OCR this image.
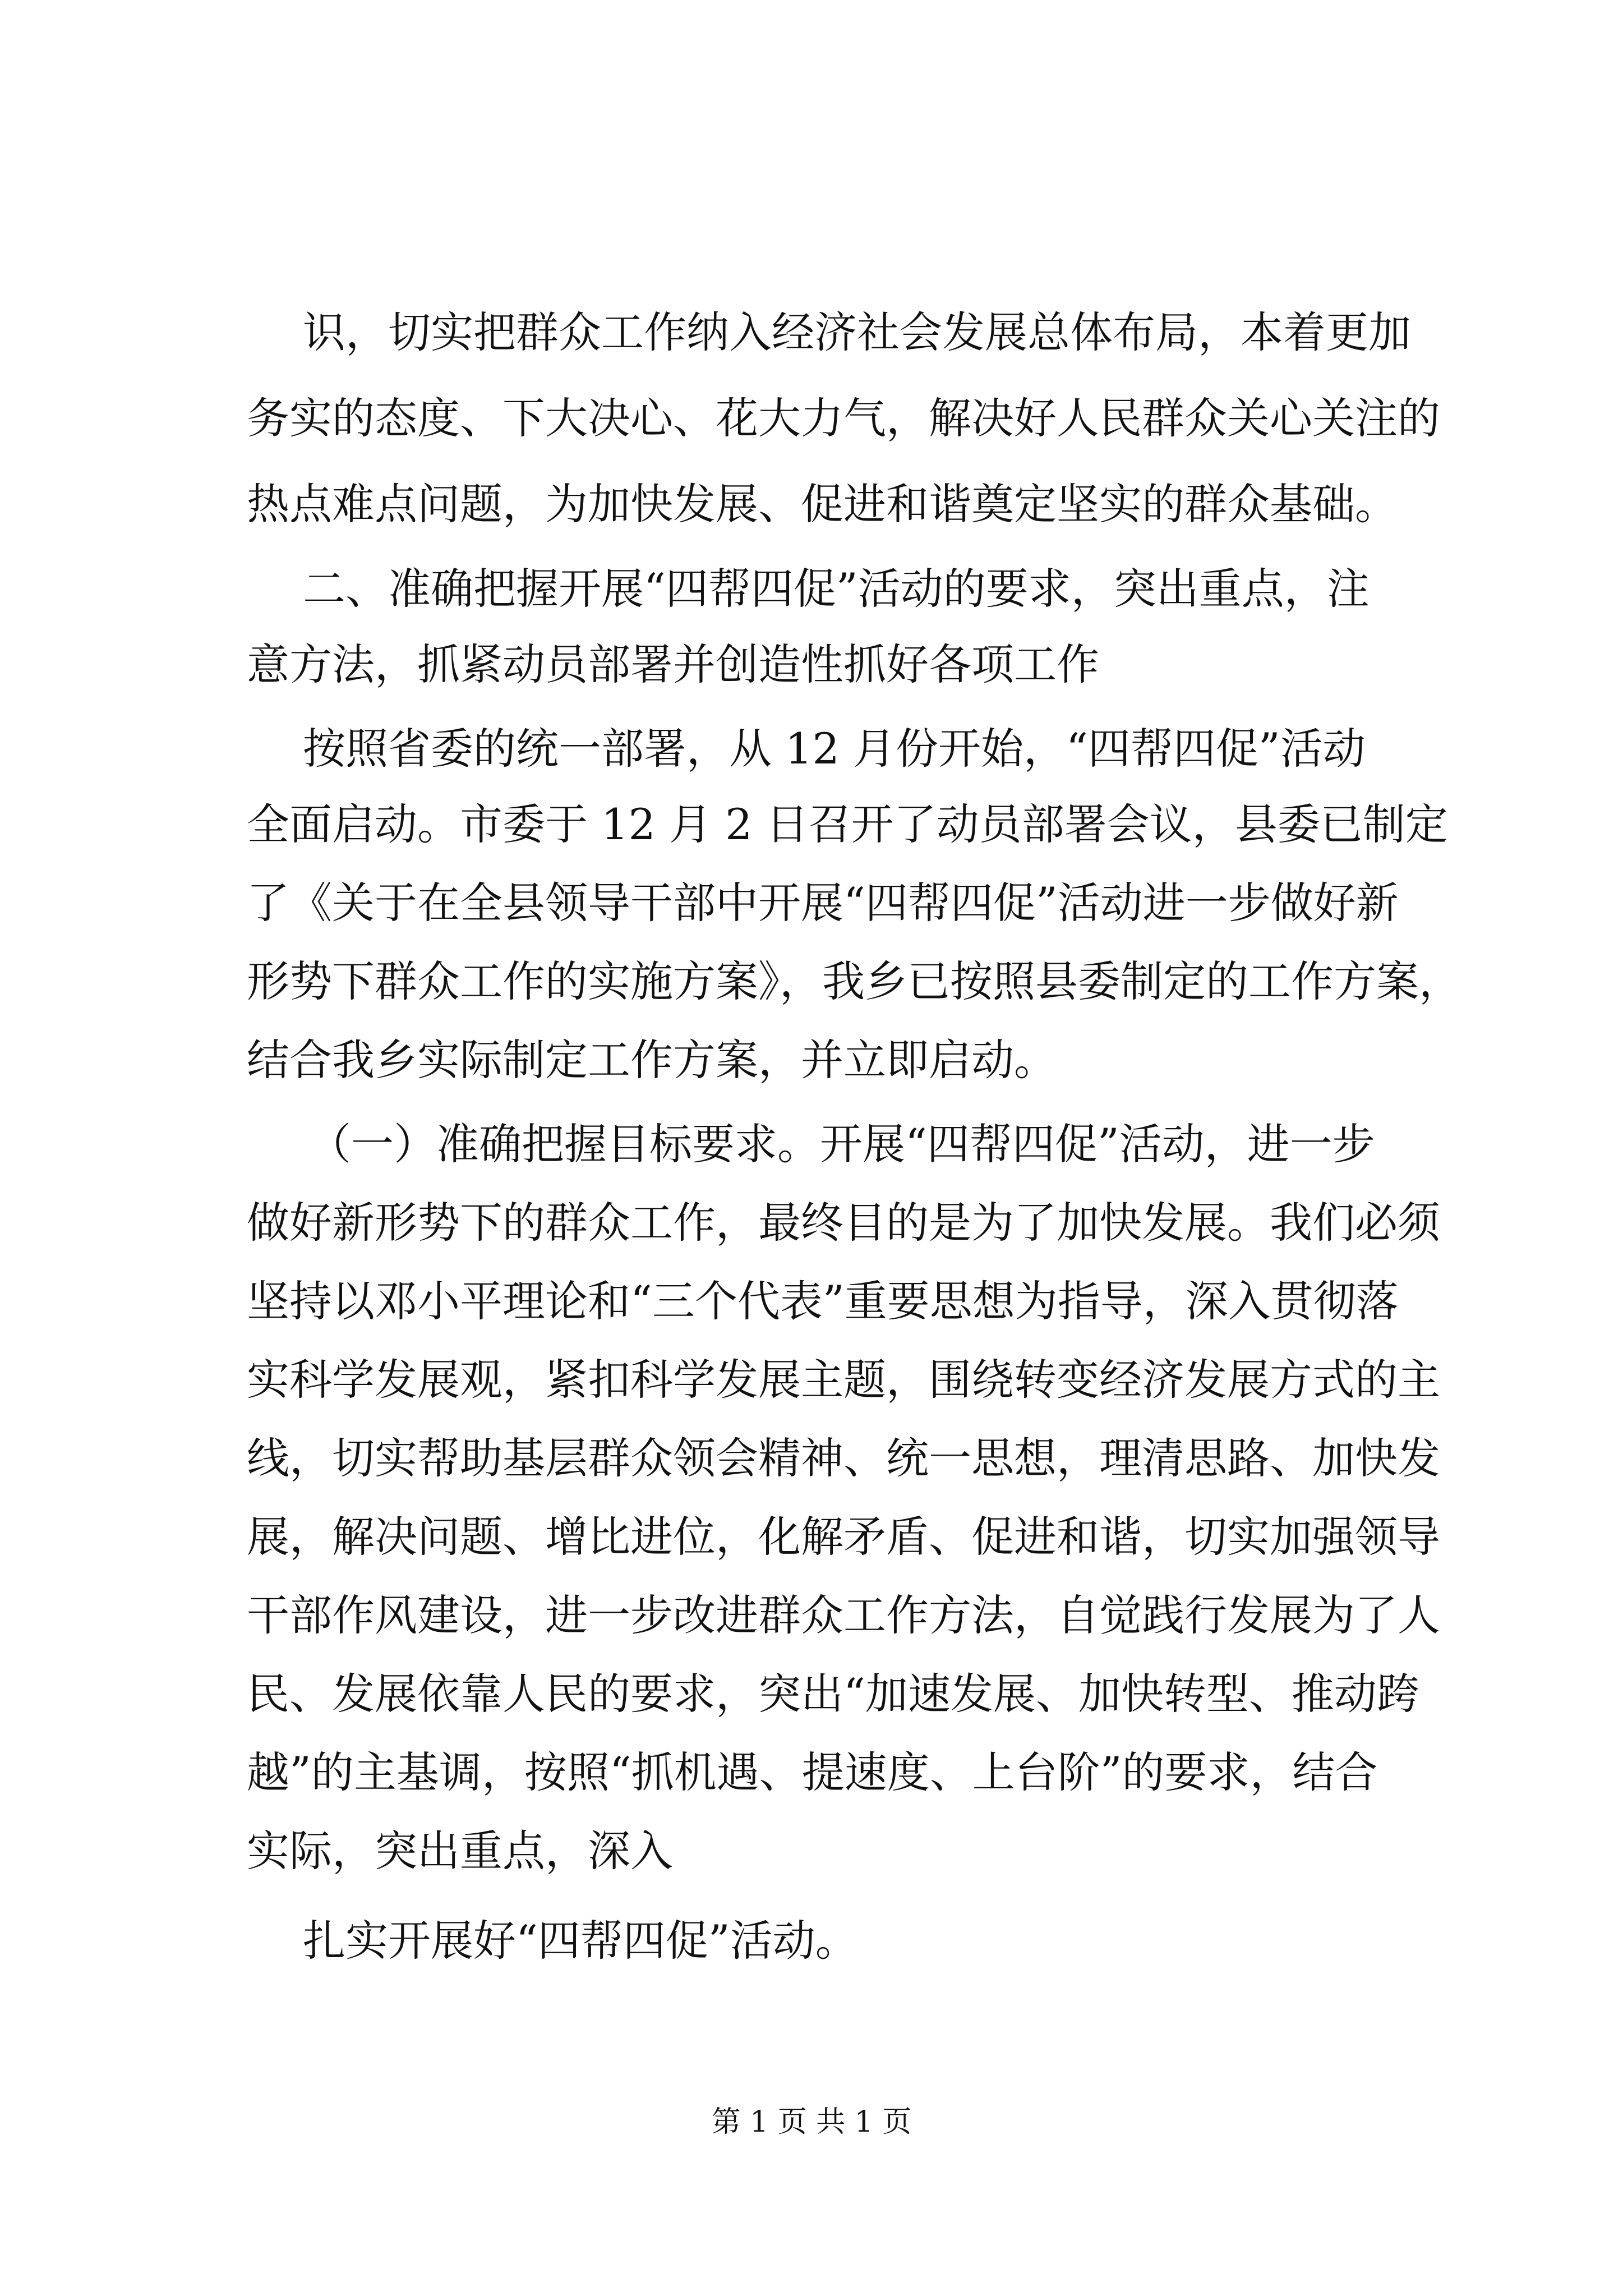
识，切实把群众工作纳入经济社会发展总体布局，本着更加
务实的态度、下大决心、花大力气，解决好人民群众关心关注的
热点难点问题，为加快发展、促进和谐奠定坚实的群众基础。
二、准确把握开展“四帮四促”活动的要求，突出重点，注
意方法，抓紧动员部署并创造性抓好各项工作
按照省委的统一部署，从 12 月份开始，“四帮四促”活动
全面启动。市委于 12 月 2 日召开了动员部署会议，县委已制定
了《关于在全县领导干部中开展“四帮四促”活动进一步做好新
形势下群众工作的实施方案》，我乡已按照县委制定的工作方案，
结合我乡实际制定工作方案，并立即启动。
（一）准确把握目标要求。开展“四帮四促”活动，进一步
做好新形势下的群众工作，最终目的是为了加快发展。我们必须
坚持以邓小平理论和“三个代表”重要思想为指导，深入贯彻落
实科学发展观，紧扣科学发展主题，围绕转变经济发展方式的主
线，切实帮助基层群众领会精神、统一思想，理清思路、加快发
展，解决问题、增比进位，化解矛盾、促进和谐，切实加强领导
干部作风建设，进一步改进群众工作方法，自觉践行发展为了人
民、发展依靠人民的要求，突出“加速发展、加快转型、推动跨
越”的主基调，按照“抓机遇、提速度、上台阶”的要求，结合
实际，突出重点，深入
扎实开展好“四帮四促”活动。
第 1 页 共 1 页
